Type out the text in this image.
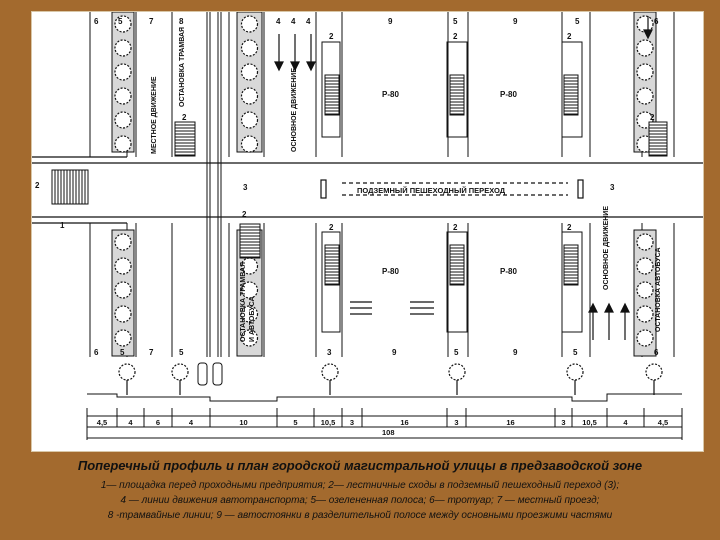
6 5	7	8	4 4 4	9	5	9	5	6
6	5	7	5	3	9	5	9	5	6
1
2
2
2
2
2
2
2
2
2
2
3	3
Р-80	Р-80
Р-80	Р-80
ПОДЗЕМНЫЙ ПЕШЕХОДНЫЙ ПЕРЕХОД
МЕСТНОЕ ДВИЖЕНИЕ
ОСТАНОВКА ТРАМВАЯ
ОСНОВНОЕ ДВИЖЕНИЕ
ОСТАНОВКА ТРАМВАЯ И АВТОБУСА
ОСНОВНОЕ ДВИЖЕНИЕ	ОСТАНОВКА АВТОБУСА
4,5	4	6	4	10	5	10,5 3	16	3	16	3 10,5	4	4,5
108
Поперечный профиль и план городской магистральной улицы в предзаводской зоне
1— площадка перед проходными предприятия; 2— лестничные сходы в подземный пешеходный переход (3);
4 — линии движения автотранспорта; 5— озелененная полоса; 6— тротуар; 7 — местный проезд;
8 -трамвайные линии; 9 — автостоянки в разделительной полосе между основными проезжими частями
